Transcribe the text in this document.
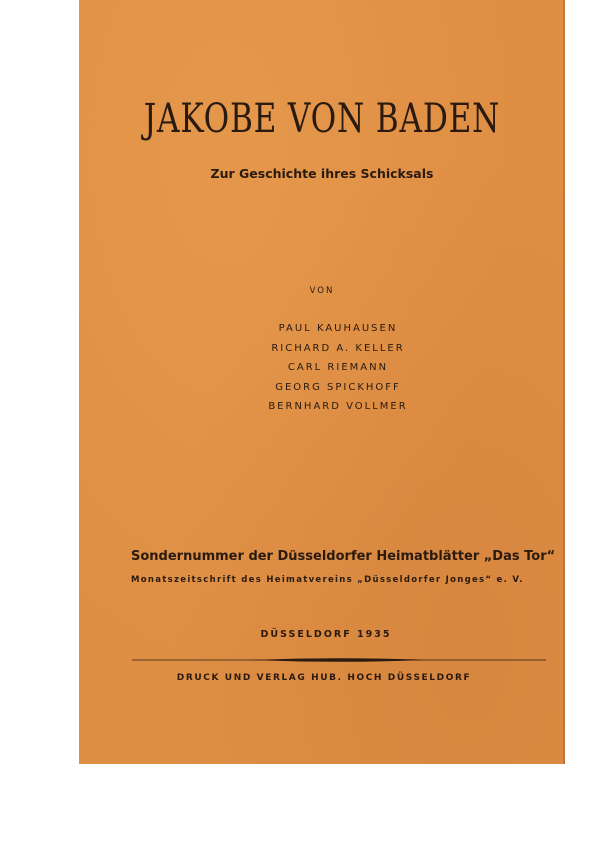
JAKOBE VON BADEN
Zur Geschichte ihres Schicksals
VON
PAUL KAUHAUSEN
RICHARD A. KELLER
CARL RIEMANN
GEORG SPICKHOFF
BERNHARD VOLLMER
Sondernummer der Düsseldorfer Heimatblätter „Das Tor“
Monatszeitschrift des Heimatvereins „Düsseldorfer Jonges“ e. V.
DÜSSELDORF 1935
DRUCK UND VERLAG HUB. HOCH DÜSSELDORF
